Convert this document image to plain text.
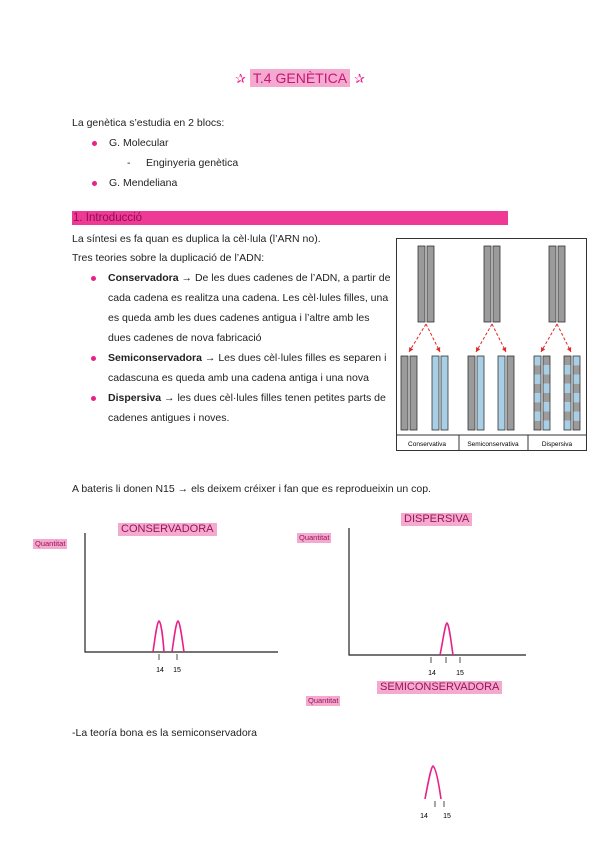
✰ T.4 GENÈTICA ✰
La genètica s’estudia en 2 blocs:
G. Molecular
- Enginyeria genètica
G. Mendeliana
1. Introducció
La síntesi es fa quan es duplica la cèl·lula (l’ARN no).
Tres teories sobre la duplicació de l’ADN:
Conservadora → De les dues cadenes de l’ADN, a partir de cada cadena es realitza una cadena. Les cèl·lules filles, una es queda amb les dues cadenes antigua i l’altre amb les dues cadenes de nova fabricació
Semiconservadora → Les dues cèl·lules filles es separen i cadascuna es queda amb una cadena antiga i una nova
Dispersiva → les dues cèl·lules filles tenen petites parts de cadenes antigues i noves.
Conservativa	Semiconservativa	Dispersiva
A bateris li donen N15 → els deixem créixer i fan que es reprodueixin un cop.
CONSERVADORA
Quantitat
14 15
DISPERSIVA
Quantitat
14	15
SEMICONSERVADORA
Quantitat
14 15
-La teoría bona es la semiconservadora
